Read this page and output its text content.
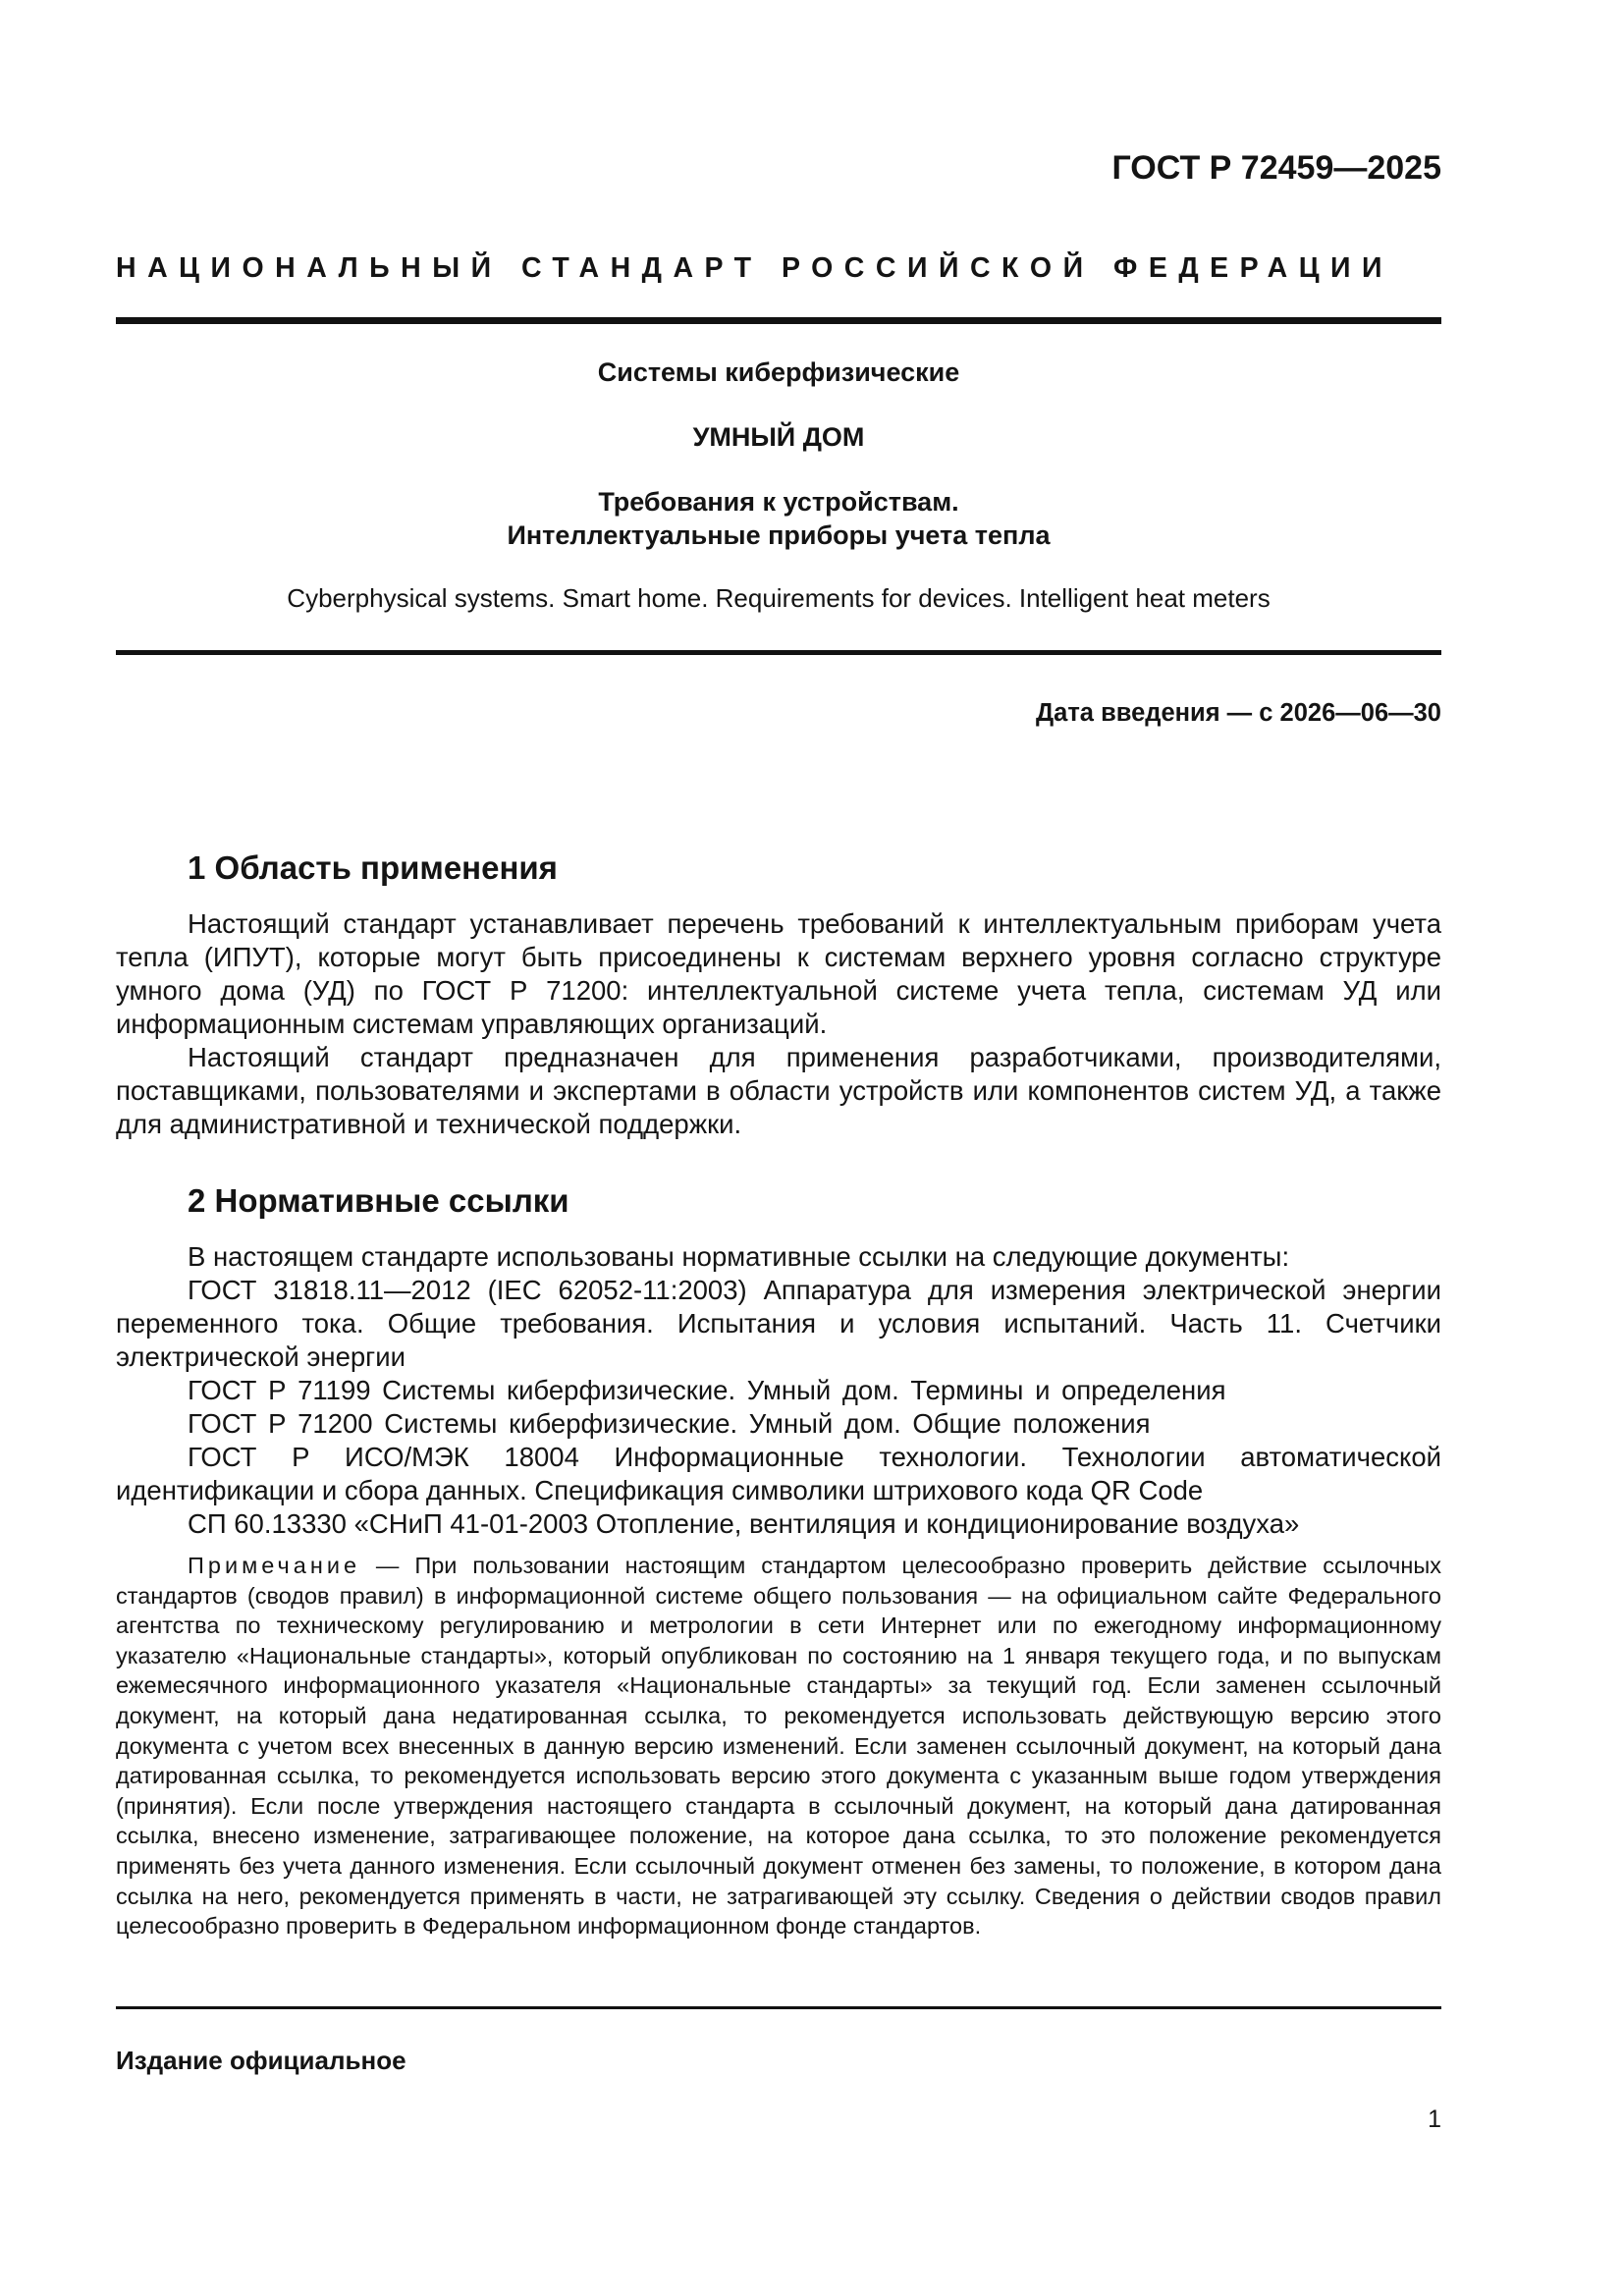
ГОСТ Р 72459—2025
НАЦИОНАЛЬНЫЙ СТАНДАРТ РОССИЙСКОЙ ФЕДЕРАЦИИ
Системы киберфизические
УМНЫЙ ДОМ
Требования к устройствам.
Интеллектуальные приборы учета тепла
Cyberphysical systems. Smart home. Requirements for devices. Intelligent heat meters
Дата введения — с 2026—06—30
1 Область применения

Настоящий стандарт устанавливает перечень требований к интеллектуальным приборам учета тепла (ИПУТ), которые могут быть присоединены к системам верхнего уровня согласно структуре умного дома (УД) по ГОСТ Р 71200: интеллектуальной системе учета тепла, системам УД или информационным системам управляющих организаций.

Настоящий стандарт предназначен для применения разработчиками, производителями, поставщиками, пользователями и экспертами в области устройств или компонентов систем УД, а также для административной и технической поддержки.

2 Нормативные ссылки

В настоящем стандарте использованы нормативные ссылки на следующие документы:

ГОСТ 31818.11—2012 (IEC 62052-11:2003) Аппаратура для измерения электрической энергии переменного тока. Общие требования. Испытания и условия испытаний. Часть 11. Счетчики электрической энергии

ГОСТ Р 71199 Системы киберфизические. Умный дом. Термины и определения

ГОСТ Р 71200 Системы киберфизические. Умный дом. Общие положения

ГОСТ Р ИСО/МЭК 18004 Информационные технологии. Технологии автоматической идентификации и сбора данных. Спецификация символики штрихового кода QR Code

СП 60.13330 «СНиП 41-01-2003 Отопление, вентиляция и кондиционирование воздуха»

Примечание — При пользовании настоящим стандартом целесообразно проверить действие ссылочных стандартов (сводов правил) в информационной системе общего пользования — на официальном сайте Федерального агентства по техническому регулированию и метрологии в сети Интернет или по ежегодному информационному указателю «Национальные стандарты», который опубликован по состоянию на 1 января текущего года, и по выпускам ежемесячного информационного указателя «Национальные стандарты» за текущий год. Если заменен ссылочный документ, на который дана недатированная ссылка, то рекомендуется использовать действующую версию этого документа с учетом всех внесенных в данную версию изменений. Если заменен ссылочный документ, на который дана датированная ссылка, то рекомендуется использовать версию этого документа с указанным выше годом утверждения (принятия). Если после утверждения настоящего стандарта в ссылочный документ, на который дана датированная ссылка, внесено изменение, затрагивающее положение, на которое дана ссылка, то это положение рекомендуется применять без учета данного изменения. Если ссылочный документ отменен без замены, то положение, в котором дана ссылка на него, рекомендуется применять в части, не затрагивающей эту ссылку. Сведения о действии сводов правил целесообразно проверить в Федеральном информационном фонде стандартов.
Издание официальное
1
